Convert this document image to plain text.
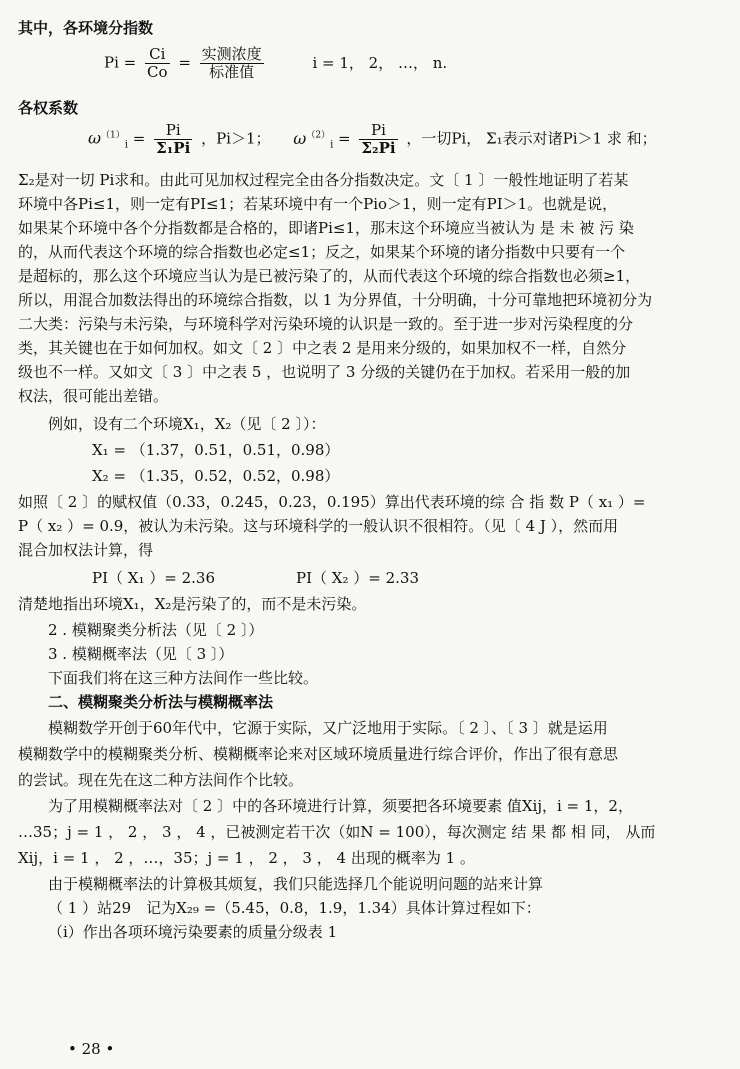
其中，各环境分指数
$Pi = \frac{Ci}{Co} = \frac{\text{实测浓度}}{\text{标准值}}$	i = 1， 2， …， n.
各权系数
$\omega^{(1)}_i = \frac{Pi}{\text{Σ₁Pi}}$ ，Pi＞1； $\omega^{(2)}_i = \frac{Pi}{\text{Σ₂Pi}}$ ，一切Pi， Σ₁表示对诸Pi＞1 求 和；
Σ₂是对一切 Pi求和。由此可见加权过程完全由各分指数决定。文〔 1 〕一般性地证明了若某
环境中各Pi≤1，则一定有PI≤1；若某环境中有一个Pio＞1，则一定有PI＞1。也就是说，
如果某个环境中各个分指数都是合格的，即诸Pi≤1，那末这个环境应当被认为 是 未 被 污 染
的，从而代表这个环境的综合指数也必定≤1；反之，如果某个环境的诸分指数中只要有一个
是超标的，那么这个环境应当认为是已被污染了的，从而代表这个环境的综合指数也必须≥1，
所以，用混合加数法得出的环境综合指数，以 1 为分界值，十分明确，十分可靠地把环境初分为
二大类：污染与未污染，与环境科学对污染环境的认识是一致的。至于进一步对污染程度的分
类，其关键也在于如何加权。如文〔 2 〕中之表 2 是用来分级的，如果加权不一样，自然分
级也不一样。又如文〔 3 〕中之表 5 ，也说明了 3 分级的关键仍在于加权。若采用一般的加
权法，很可能出差错。
例如，设有二个环境X₁，X₂（见〔 2 〕）：
X₁ = （1.37，0.51，0.51，0.98）
X₂ = （1.35，0.52，0.52，0.98）
如照〔 2 〕的赋权值（0.33，0.245，0.23，0.195）算出代表环境的综 合 指 数 P（ x₁ ）=
P（ x₂ ）= 0.9，被认为未污染。这与环境科学的一般认识不很相符。（见〔 4 J ），然而用
混合加权法计算，得
PI（ X₁ ）= 2.36	PI（ X₂ ）= 2.33
清楚地指出环境X₁，X₂是污染了的，而不是未污染。
2 . 模糊聚类分析法（见〔 2 〕）
3 . 模糊概率法（见〔 3 〕）
下面我们将在这三种方法间作一些比较。
二、模糊聚类分析法与模糊概率法
模糊数学开创于60年代中，它源于实际，又广泛地用于实际。〔 2 〕、〔 3 〕就是运用
模糊数学中的模糊聚类分析、模糊概率论来对区域环境质量进行综合评价，作出了很有意思
的尝试。现在先在这二种方法间作个比较。
为了用模糊概率法对〔 2 〕中的各环境进行计算，须要把各环境要素 值Xij，i = 1，2，
…35；j = 1 ， 2 ， 3 ， 4 ，已被测定若干次（如N = 100），每次测定 结 果 都 相 同， 从而
Xij，i = 1 ， 2 ，…，35；j = 1 ， 2 ， 3 ， 4 出现的概率为 1 。
由于模糊概率法的计算极其烦复，我们只能选择几个能说明问题的站来计算
（ 1 ）站29　记为X₂₉ =（5.45，0.8，1.9，1.34）具体计算过程如下：
（ⅰ）作出各项环境污染要素的质量分级表 1
• 28 •
